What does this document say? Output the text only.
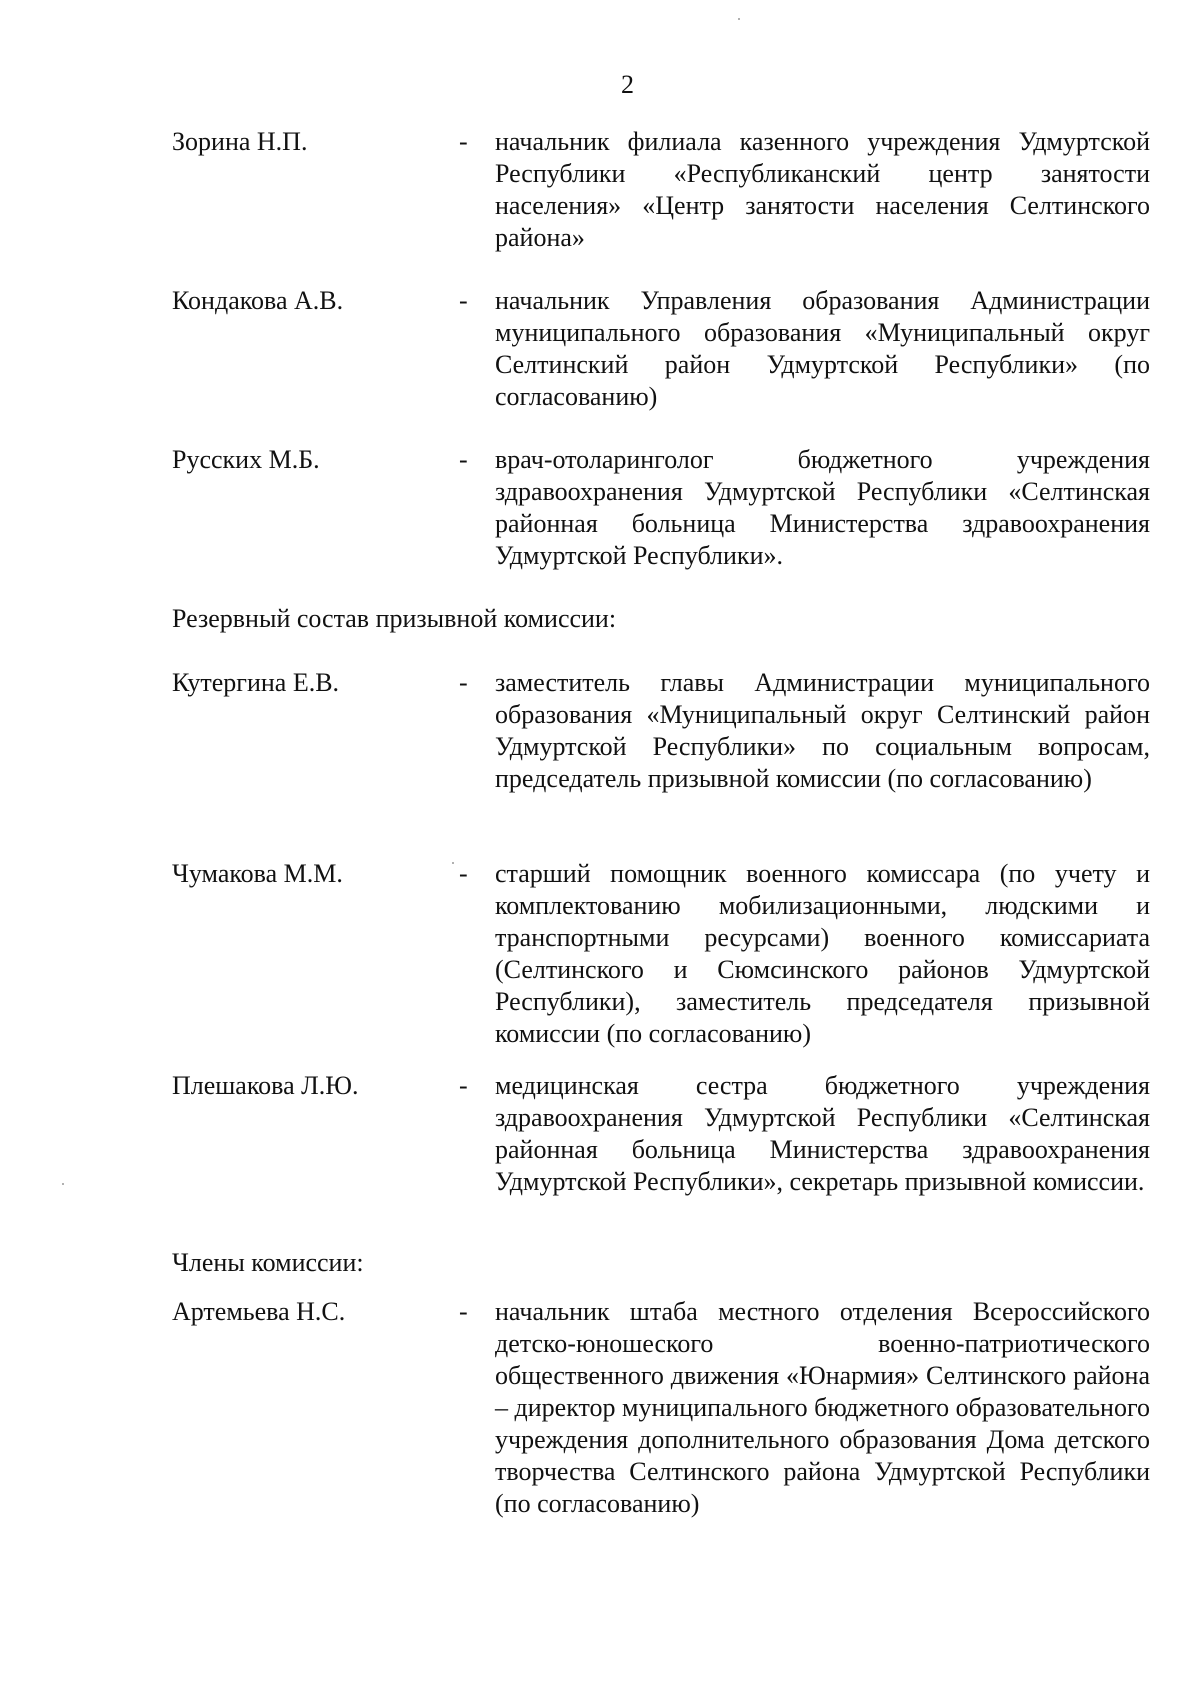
2
Зорина Н.П.	-	начальник филиала казенного учреждения Удмуртской Республики «Республиканский центр занятости населения» «Центр занятости населения Селтинского района»

Кондакова А.В.	-	начальник Управления образования Администрации муниципального образования «Муниципальный округ Селтинский район Удмуртской Республики» (по согласованию)

Русских М.Б.	-	врач-отоларинголог бюджетного учреждения здравоохранения Удмуртской Республики «Селтинская районная больница Министерства здравоохранения Удмуртской Республики».

Резервный состав призывной комиссии:
Кутергина Е.В.	-	заместитель главы Администрации муниципального образования «Муниципальный округ Селтинский район Удмуртской Республики» по социальным вопросам, председатель призывной комиссии (по согласованию)

Чумакова М.М.	-	старший помощник военного комиссара (по учету и комплектованию мобилизационными, людскими и транспортными ресурсами) военного комиссариата (Селтинского и Сюмсинского районов Удмуртской Республики), заместитель председателя призывной комиссии (по согласованию)

Плешакова Л.Ю.	-	медицинская сестра бюджетного учреждения здравоохранения Удмуртской Республики «Селтинская районная больница Министерства здравоохранения Удмуртской Республики», секретарь призывной комиссии.

Члены комиссии:
Артемьева Н.С.	-	начальник штаба местного отделения Всероссийского детско-юношеского военно-патриотического общественного движения «Юнармия» Селтинского района – директор муниципального бюджетного образовательного учреждения дополнительного образования Дома детского творчества Селтинского района Удмуртской Республики (по согласованию)
